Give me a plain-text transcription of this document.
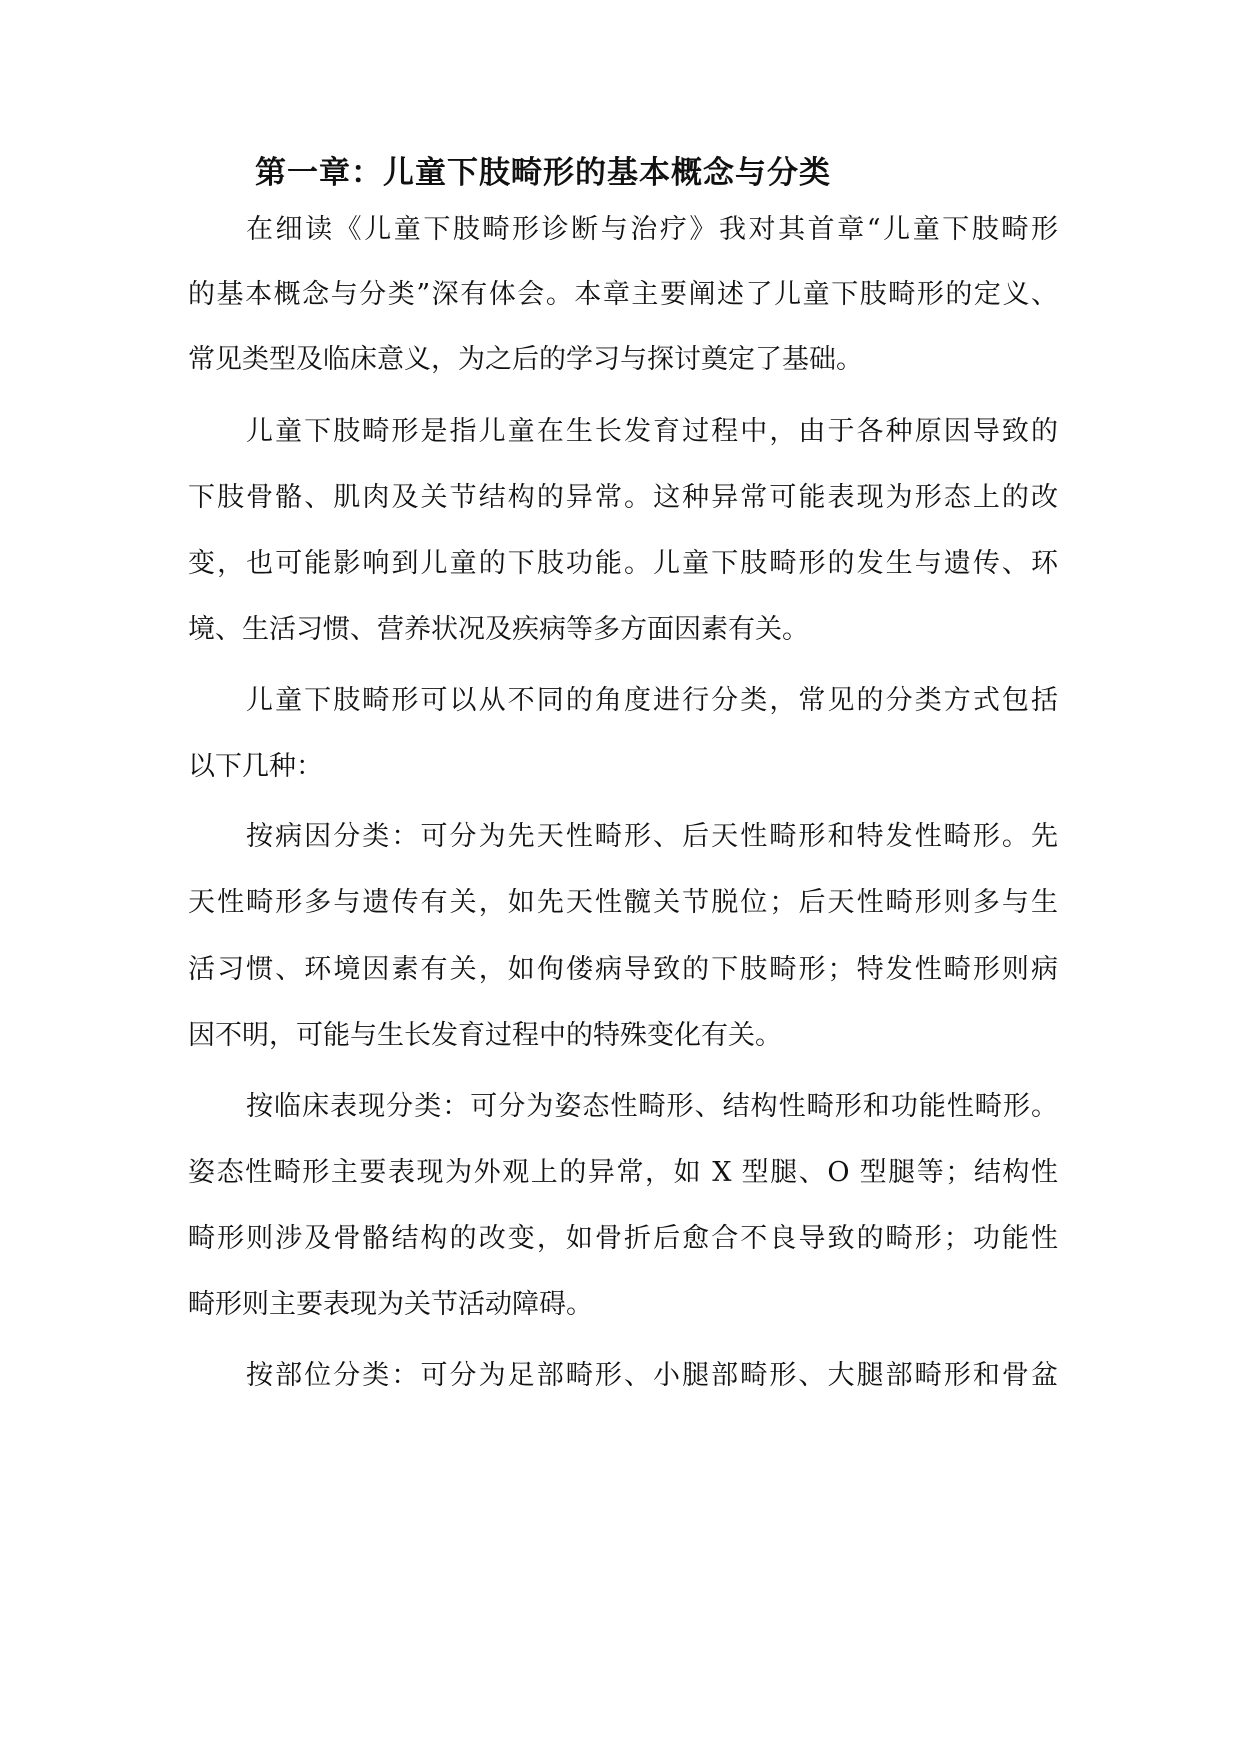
第一章：儿童下肢畸形的基本概念与分类
在细读《儿童下肢畸形诊断与治疗》我对其首章“儿童下肢畸形
的基本概念与分类”深有体会。本章主要阐述了儿童下肢畸形的定义、
常见类型及临床意义，为之后的学习与探讨奠定了基础。
儿童下肢畸形是指儿童在生长发育过程中，由于各种原因导致的
下肢骨骼、肌肉及关节结构的异常。这种异常可能表现为形态上的改
变，也可能影响到儿童的下肢功能。儿童下肢畸形的发生与遗传、环
境、生活习惯、营养状况及疾病等多方面因素有关。
儿童下肢畸形可以从不同的角度进行分类，常见的分类方式包括
以下几种：
按病因分类：可分为先天性畸形、后天性畸形和特发性畸形。先
天性畸形多与遗传有关，如先天性髋关节脱位；后天性畸形则多与生
活习惯、环境因素有关，如佝偻病导致的下肢畸形；特发性畸形则病
因不明，可能与生长发育过程中的特殊变化有关。
按临床表现分类：可分为姿态性畸形、结构性畸形和功能性畸形。
姿态性畸形主要表现为外观上的异常，如 X 型腿、O 型腿等；结构性
畸形则涉及骨骼结构的改变，如骨折后愈合不良导致的畸形；功能性
畸形则主要表现为关节活动障碍。
按部位分类：可分为足部畸形、小腿部畸形、大腿部畸形和骨盆
